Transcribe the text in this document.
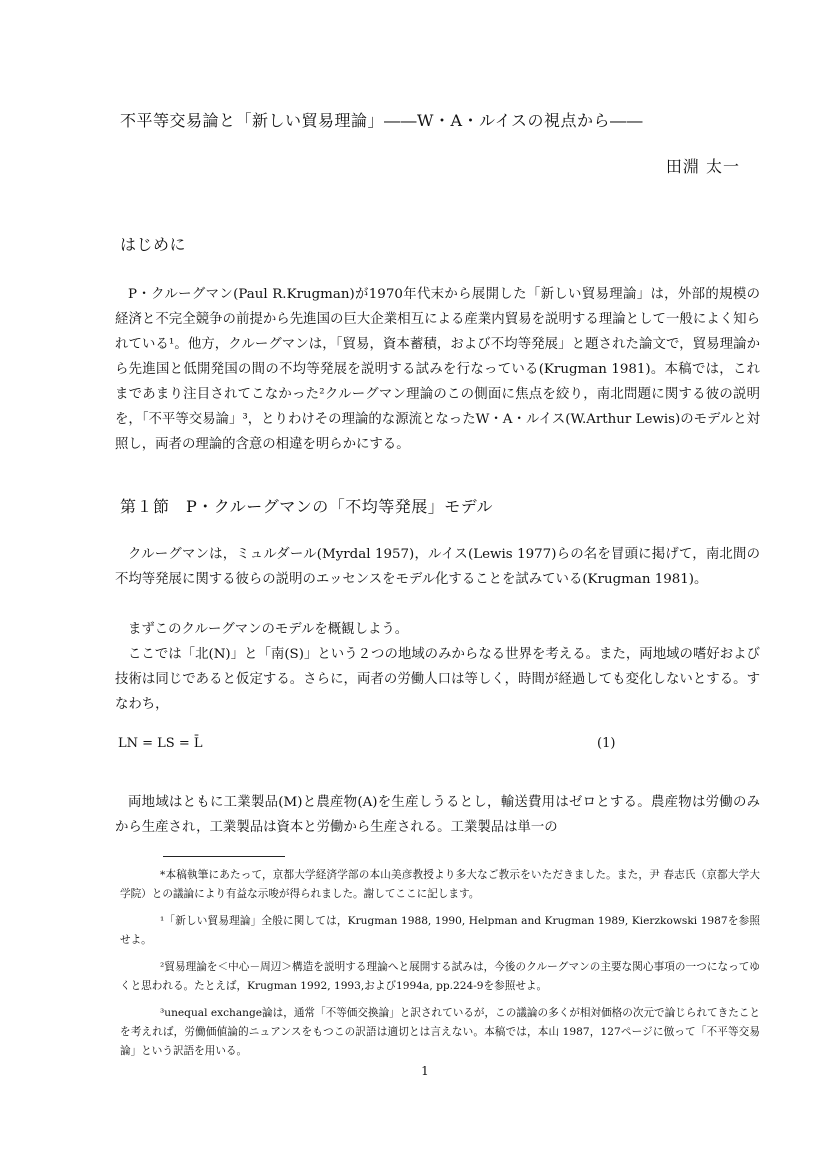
不平等交易論と「新しい貿易理論」――W・A・ルイスの視点から――
田淵 太一
はじめに
P・クルーグマン(Paul R.Krugman)が1970年代末から展開した「新しい貿易理論」は，外部的規模の経済と不完全競争の前提から先進国の巨大企業相互による産業内貿易を説明する理論として一般によく知られている¹。他方，クルーグマンは，「貿易，資本蓄積，および不均等発展」と題された論文で，貿易理論から先進国と低開発国の間の不均等発展を説明する試みを行なっている(Krugman 1981)。本稿では，これまであまり注目されてこなかった²クルーグマン理論のこの側面に焦点を絞り，南北問題に関する彼の説明を，「不平等交易論」³，とりわけその理論的な源流となったW・A・ルイス(W.Arthur Lewis)のモデルと対照し，両者の理論的含意の相違を明らかにする。
第１節　P・クルーグマンの「不均等発展」モデル
クルーグマンは，ミュルダール(Myrdal 1957)，ルイス(Lewis 1977)らの名を冒頭に掲げて，南北間の不均等発展に関する彼らの説明のエッセンスをモデル化することを試みている(Krugman 1981)。
まずこのクルーグマンのモデルを概観しよう。
ここでは「北(N)」と「南(S)」という２つの地域のみからなる世界を考える。また，両地域の嗜好および技術は同じであると仮定する。さらに，両者の労働人口は等しく，時間が経過しても変化しないとする。すなわち，
LN = LS = L̄	(1)
両地域はともに工業製品(M)と農産物(A)を生産しうるとし，輸送費用はゼロとする。農産物は労働のみから生産され，工業製品は資本と労働から生産される。工業製品は単一の

*本稿執筆にあたって，京都大学経済学部の本山美彦教授より多大なご教示をいただきました。また，尹 春志氏（京都大学大学院）との議論により有益な示唆が得られました。謝してここに記します。

¹「新しい貿易理論」全般に関しては，Krugman 1988, 1990, Helpman and Krugman 1989, Kierzkowski 1987を参照せよ。

²貿易理論を＜中心－周辺＞構造を説明する理論へと展開する試みは，今後のクルーグマンの主要な関心事項の一つになってゆくと思われる。たとえば，Krugman 1992, 1993,および1994a, pp.224-9を参照せよ。

³unequal exchange論は，通常「不等価交換論」と訳されているが，この議論の多くが相対価格の次元で論じられてきたことを考えれば，労働価値論的ニュアンスをもつこの訳語は適切とは言えない。本稿では，本山 1987，127ページに倣って「不平等交易論」という訳語を用いる。

1
